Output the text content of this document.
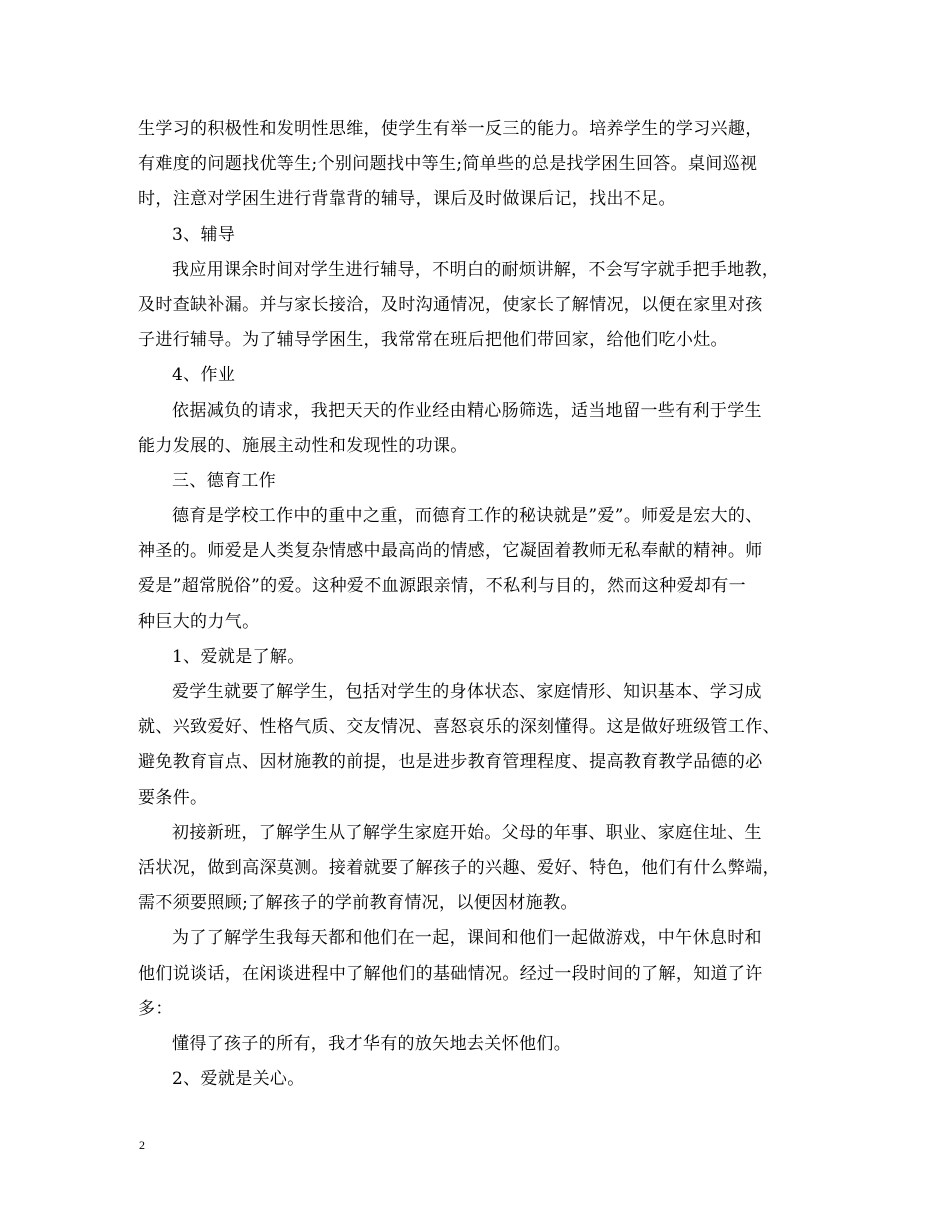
生学习的积极性和发明性思维，使学生有举一反三的能力。培养学生的学习兴趣，
有难度的问题找优等生;个别问题找中等生;简单些的总是找学困生回答。桌间巡视
时，注意对学困生进行背靠背的辅导，课后及时做课后记，找出不足。
3、辅导
我应用课余时间对学生进行辅导，不明白的耐烦讲解，不会写字就手把手地教，
及时查缺补漏。并与家长接洽，及时沟通情况，使家长了解情况，以便在家里对孩
子进行辅导。为了辅导学困生，我常常在班后把他们带回家，给他们吃小灶。
4、作业
依据减负的请求，我把天天的作业经由精心肠筛选，适当地留一些有利于学生
能力发展的、施展主动性和发现性的功课。
三、德育工作
德育是学校工作中的重中之重，而德育工作的秘诀就是”爱”。师爱是宏大的、
神圣的。师爱是人类复杂情感中最高尚的情感，它凝固着教师无私奉献的精神。师
爱是”超常脱俗”的爱。这种爱不血源跟亲情，不私利与目的，然而这种爱却有一
种巨大的力气。
1、爱就是了解。
爱学生就要了解学生，包括对学生的身体状态、家庭情形、知识基本、学习成
就、兴致爱好、性格气质、交友情况、喜怒哀乐的深刻懂得。这是做好班级管工作、
避免教育盲点、因材施教的前提，也是进步教育管理程度、提高教育教学品德的必
要条件。
初接新班，了解学生从了解学生家庭开始。父母的年事、职业、家庭住址、生
活状况，做到高深莫测。接着就要了解孩子的兴趣、爱好、特色，他们有什么弊端，
需不须要照顾;了解孩子的学前教育情况，以便因材施教。
为了了解学生我每天都和他们在一起，课间和他们一起做游戏，中午休息时和
他们说谈话，在闲谈进程中了解他们的基础情况。经过一段时间的了解，知道了许
多：
懂得了孩子的所有，我才华有的放矢地去关怀他们。
2、爱就是关心。
2
